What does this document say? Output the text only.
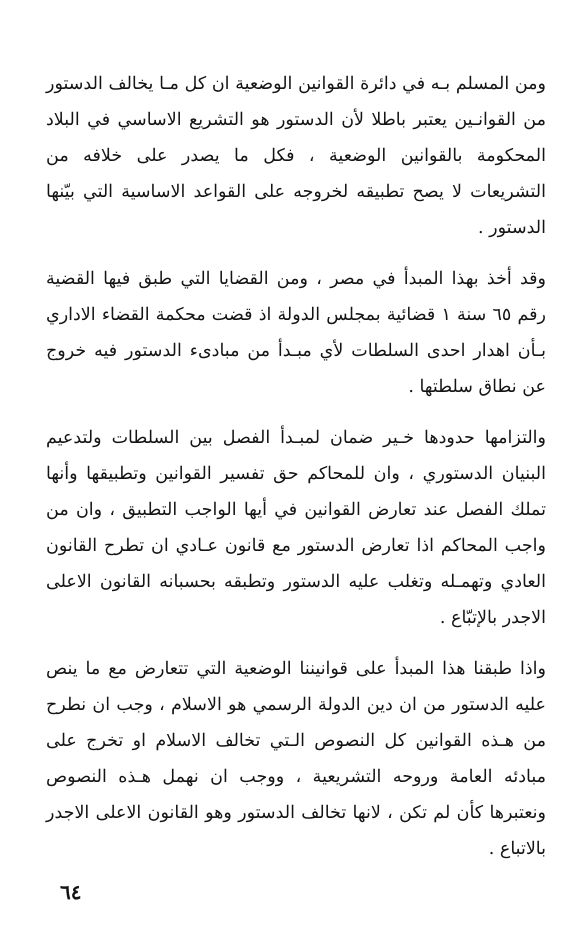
ومن المسلم بـه في دائرة القوانين الوضعية ان كل مـا يخالف الدستور من القوانـين يعتبر باطلا لأن الدستور هو التشريع الاساسي في البلاد المحكومة بالقوانين الوضعية ، فكل ما يصدر على خلافه من التشريعات لا يصح تطبيقه لخروجه على القواعد الاساسية التي بيّنها الدستور .

وقد أخذ بهذا المبدأ في مصر ، ومن القضايا التي طبق فيها القضية رقم ٦٥ سنة ١ قضائية بمجلس الدولة اذ قضت محكمة القضاء الاداري بـأن اهدار احدى السلطات لأي مبـدأ من مبادىء الدستور فيه خروج عن نطاق سلطتها .

والتزامها حدودها خـير ضمان لمبـدأ الفصل بين السلطات ولتدعيم البنيان الدستوري ، وان للمحاكم حق تفسير القوانين وتطبيقها وأنها تملك الفصل عند تعارض القوانين في أيها الواجب التطبيق ، وان من واجب المحاكم اذا تعارض الدستور مع قانون عـادي ان تطرح القانون العادي وتهمـله وتغلب عليه الدستور وتطبقه بحسبانه القانون الاعلى الاجدر بالإتبّاع .

واذا طبقنا هذا المبدأ على قوانيننا الوضعية التي تتعارض مع ما ينص عليه الدستور من ان دين الدولة الرسمي هو الاسلام ، وجب ان نطرح من هـذه القوانين كل النصوص الـتي تخالف الاسلام او تخرج على مبادئه العامة وروحه التشريعية ، ووجب ان نهمل هـذه النصوص ونعتبرها كأن لم تكن ، لانها تخالف الدستور وهو القانون الاعلى الاجدر بالاتباع .

٦٤
